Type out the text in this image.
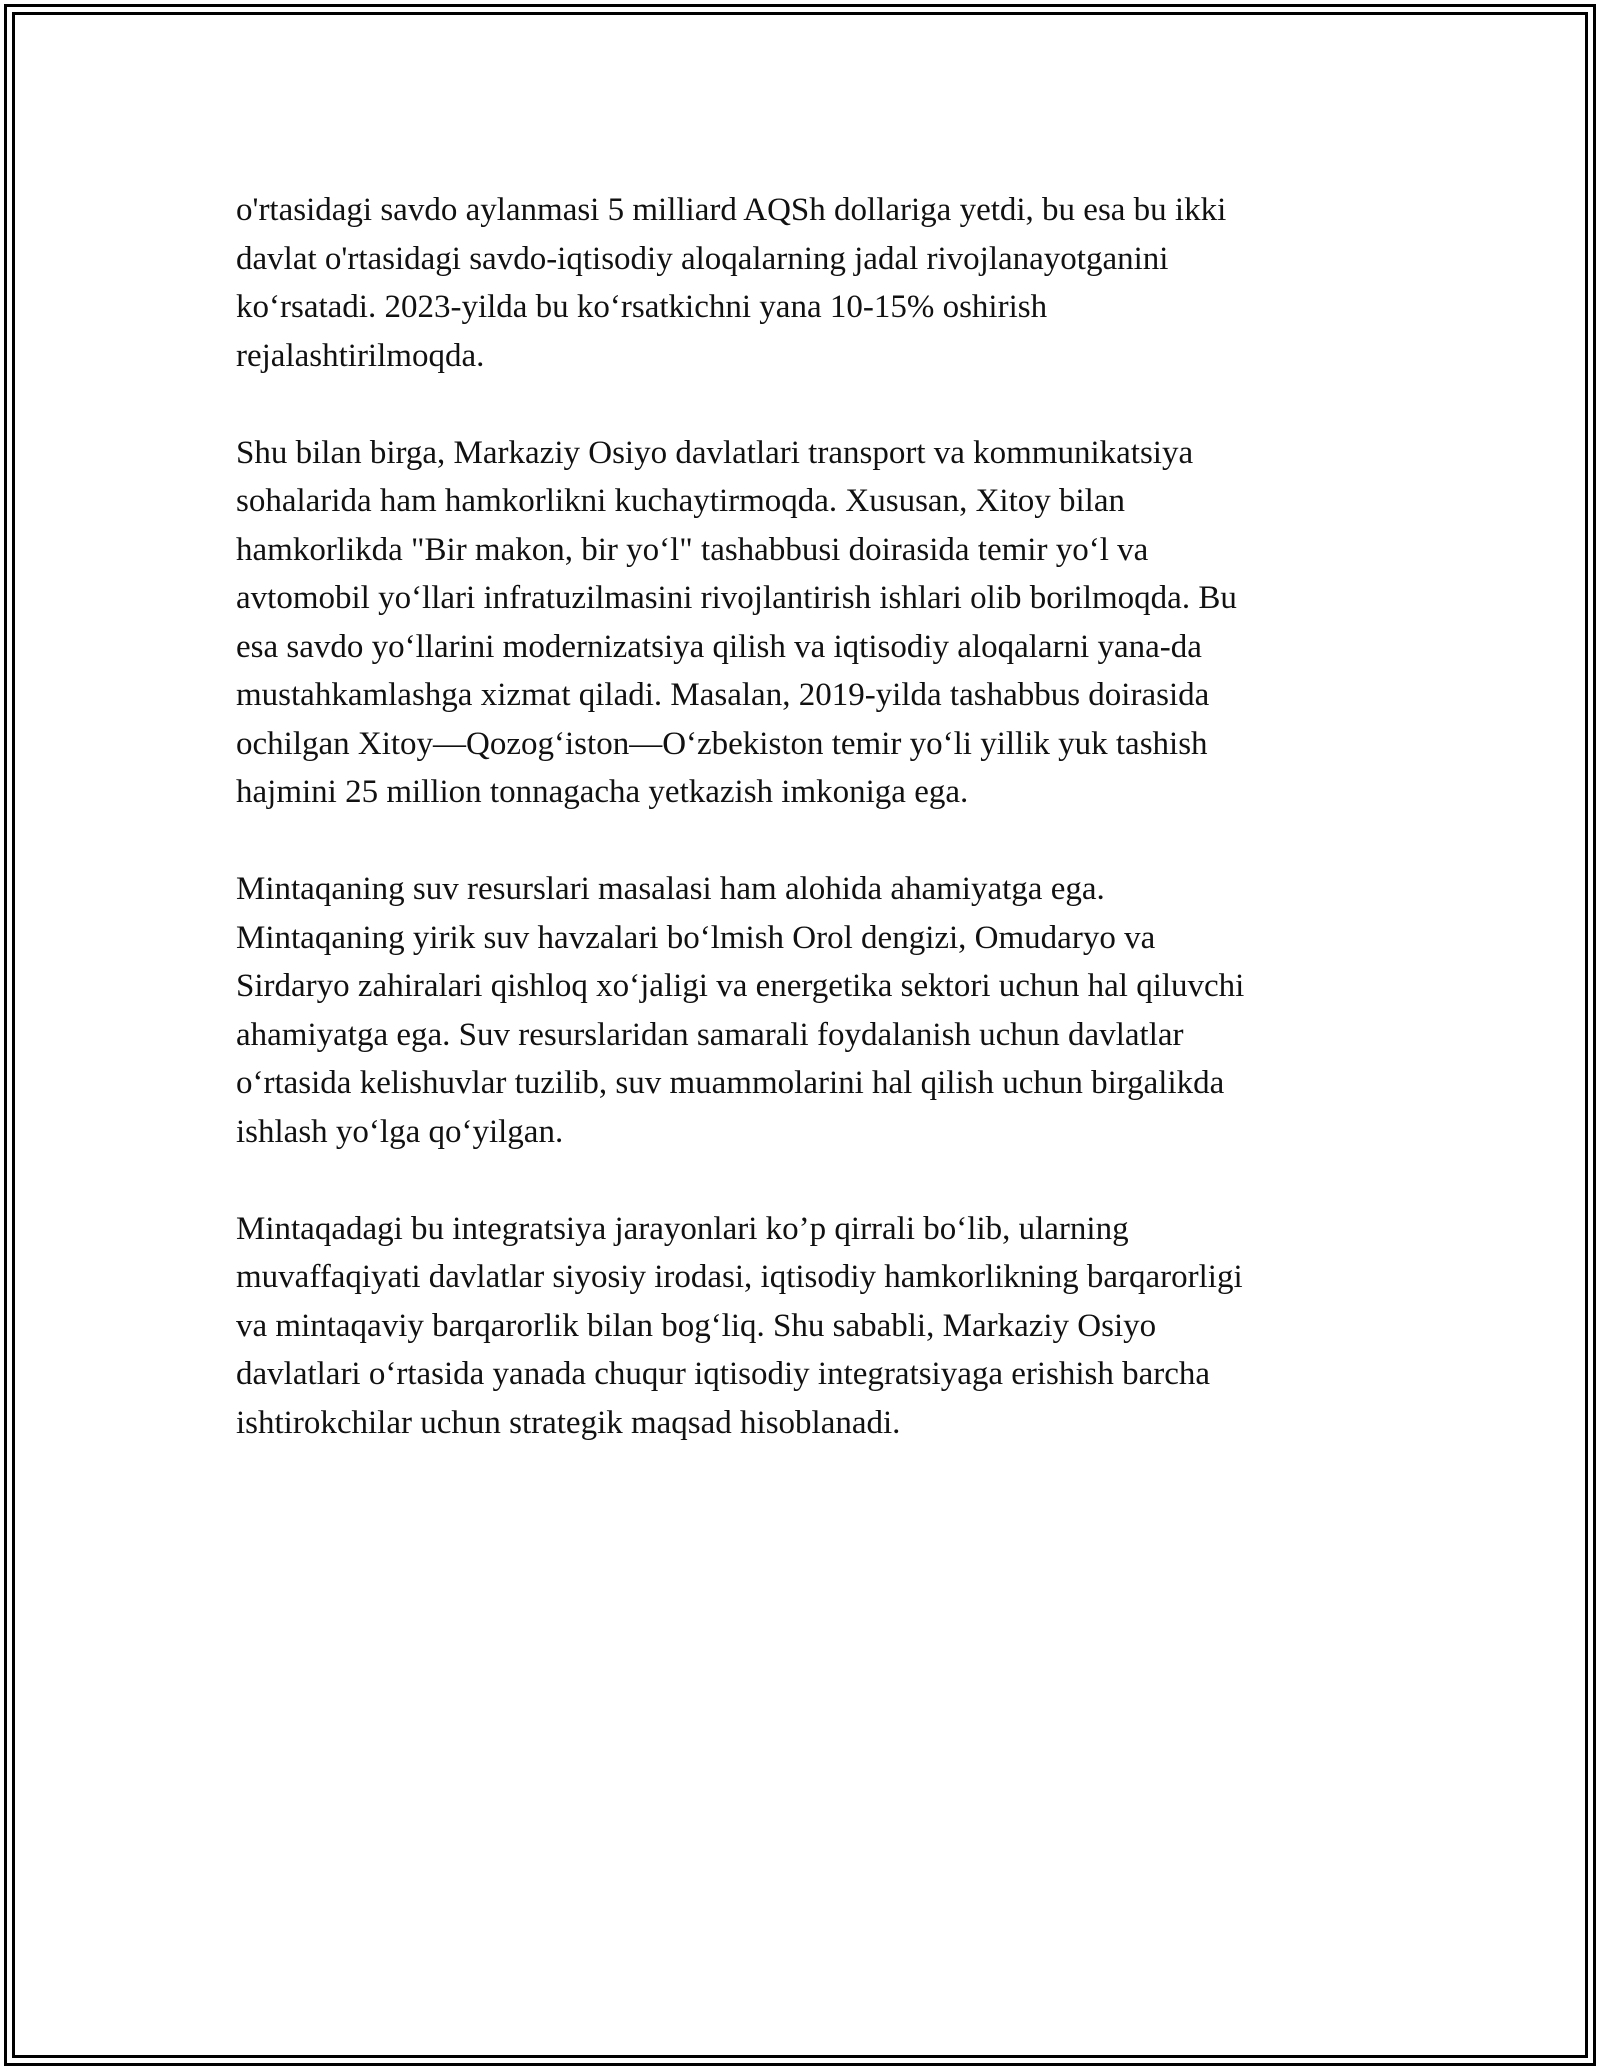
o'rtasidagi savdo aylanmasi 5 milliard AQSh dollariga yetdi, bu esa bu ikki
davlat o'rtasidagi savdo-iqtisodiy aloqalarning jadal rivojlanayotganini
ko‘rsatadi. 2023-yilda bu ko‘rsatkichni yana 10-15% oshirish
rejalashtirilmoqda.

Shu bilan birga, Markaziy Osiyo davlatlari transport va kommunikatsiya
sohalarida ham hamkorlikni kuchaytirmoqda. Xususan, Xitoy bilan
hamkorlikda "Bir makon, bir yo‘l" tashabbusi doirasida temir yo‘l va
avtomobil yo‘llari infratuzilmasini rivojlantirish ishlari olib borilmoqda. Bu
esa savdo yo‘llarini modernizatsiya qilish va iqtisodiy aloqalarni yana-da
mustahkamlashga xizmat qiladi. Masalan, 2019-yilda tashabbus doirasida
ochilgan Xitoy—Qozog‘iston—O‘zbekiston temir yo‘li yillik yuk tashish
hajmini 25 million tonnagacha yetkazish imkoniga ega.

Mintaqaning suv resurslari masalasi ham alohida ahamiyatga ega.
Mintaqaning yirik suv havzalari bo‘lmish Orol dengizi, Omudaryo va
Sirdaryo zahiralari qishloq xo‘jaligi va energetika sektori uchun hal qiluvchi
ahamiyatga ega. Suv resurslaridan samarali foydalanish uchun davlatlar
o‘rtasida kelishuvlar tuzilib, suv muammolarini hal qilish uchun birgalikda
ishlash yo‘lga qo‘yilgan.

Mintaqadagi bu integratsiya jarayonlari ko’p qirrali bo‘lib, ularning
muvaffaqiyati davlatlar siyosiy irodasi, iqtisodiy hamkorlikning barqarorligi
va mintaqaviy barqarorlik bilan bog‘liq. Shu sababli, Markaziy Osiyo
davlatlari o‘rtasida yanada chuqur iqtisodiy integratsiyaga erishish barcha
ishtirokchilar uchun strategik maqsad hisoblanadi.
